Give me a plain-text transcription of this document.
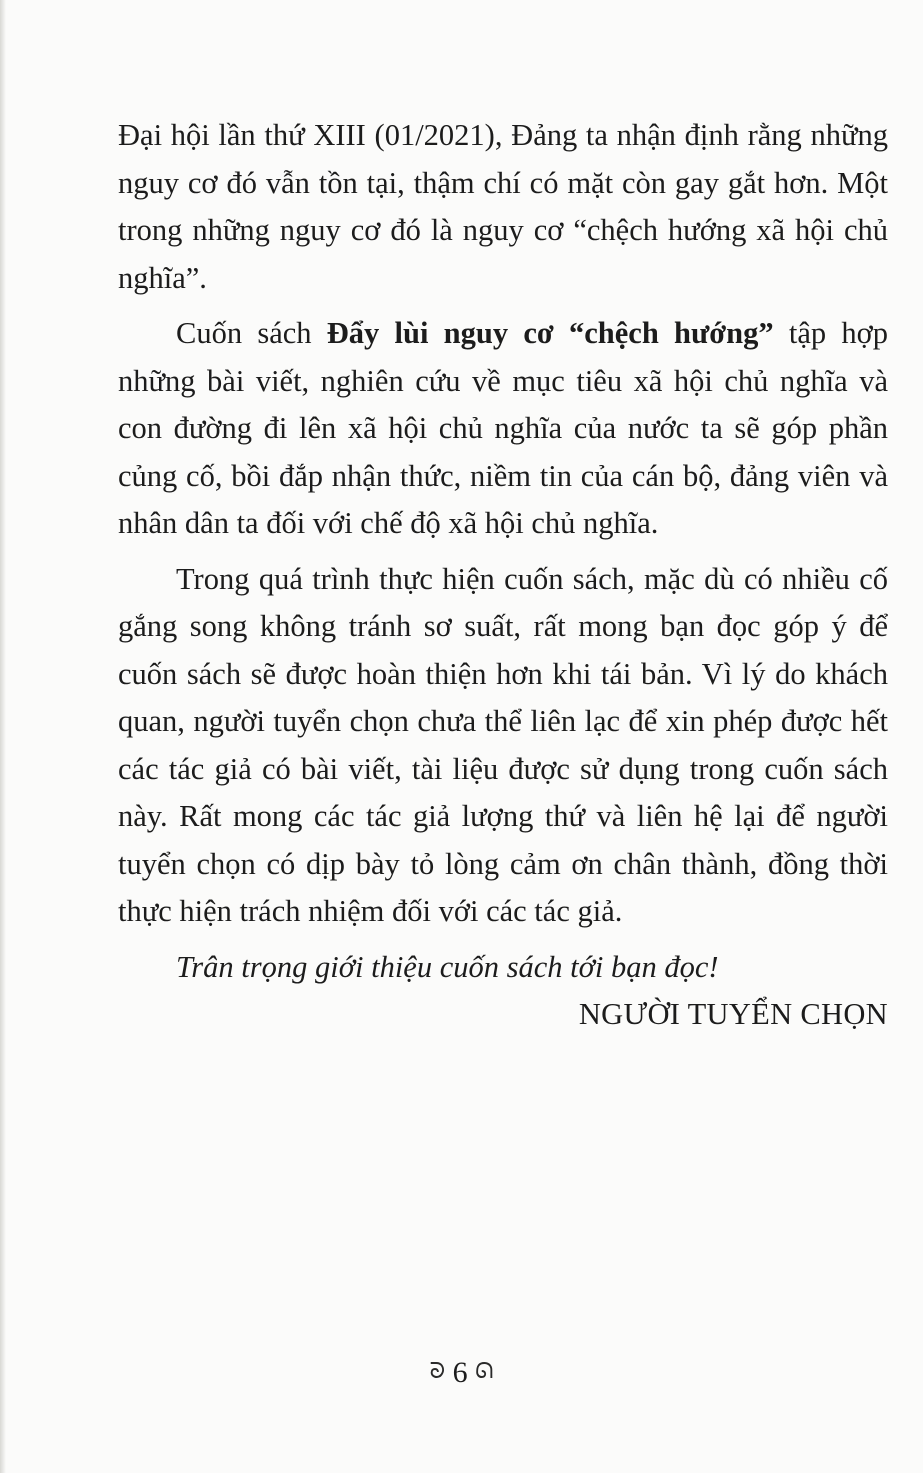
Đại hội lần thứ XIII (01/2021), Đảng ta nhận định rằng những nguy cơ đó vẫn tồn tại, thậm chí có mặt còn gay gắt hơn. Một trong những nguy cơ đó là nguy cơ “chệch hướng xã hội chủ nghĩa”.

Cuốn sách Đẩy lùi nguy cơ “chệch hướng” tập hợp những bài viết, nghiên cứu về mục tiêu xã hội chủ nghĩa và con đường đi lên xã hội chủ nghĩa của nước ta sẽ góp phần củng cố, bồi đắp nhận thức, niềm tin của cán bộ, đảng viên và nhân dân ta đối với chế độ xã hội chủ nghĩa.

Trong quá trình thực hiện cuốn sách, mặc dù có nhiều cố gắng song không tránh sơ suất, rất mong bạn đọc góp ý để cuốn sách sẽ được hoàn thiện hơn khi tái bản. Vì lý do khách quan, người tuyển chọn chưa thể liên lạc để xin phép được hết các tác giả có bài viết, tài liệu được sử dụng trong cuốn sách này. Rất mong các tác giả lượng thứ và liên hệ lại để người tuyển chọn có dịp bày tỏ lòng cảm ơn chân thành, đồng thời thực hiện trách nhiệm đối với các tác giả.

Trân trọng giới thiệu cuốn sách tới bạn đọc!

NGƯỜI TUYỂN CHỌN

ᘐ 6 ᘏ
